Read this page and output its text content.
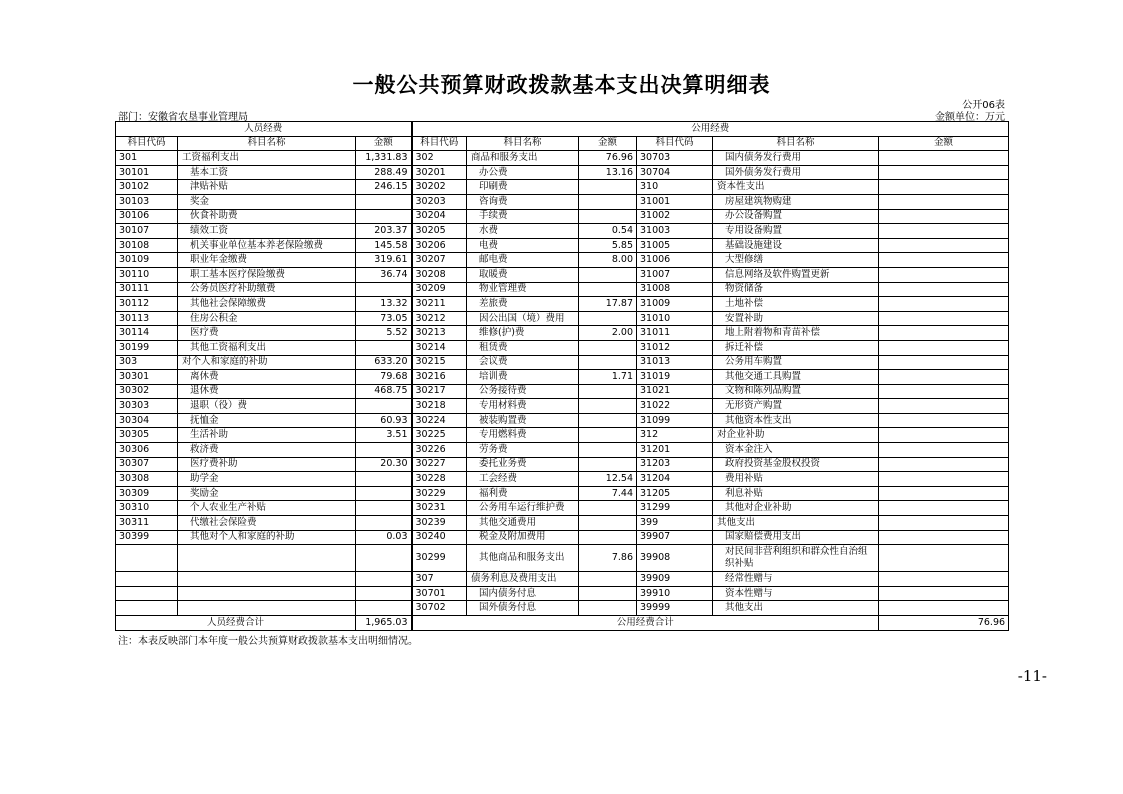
一般公共预算财政拨款基本支出决算明细表
公开06表
部门：安徽省农垦事业管理局	金额单位：万元
人员经费			公用经费					
科目代码	科目名称	金额	科目代码	科目名称	金额	科目代码	科目名称	金额
301	工资福利支出	1,331.83	302	商品和服务支出	76.96	30703	国内债务发行费用	
30101	基本工资	288.49	30201	办公费	13.16	30704	国外债务发行费用	
30102	津贴补贴	246.15	30202	印刷费		310	资本性支出	
30103	奖金		30203	咨询费		31001	房屋建筑物购建	
30106	伙食补助费		30204	手续费		31002	办公设备购置	
30107	绩效工资	203.37	30205	水费	0.54	31003	专用设备购置	
30108	机关事业单位基本养老保险缴费	145.58	30206	电费	5.85	31005	基础设施建设	
30109	职业年金缴费	319.61	30207	邮电费	8.00	31006	大型修缮	
30110	职工基本医疗保险缴费	36.74	30208	取暖费		31007	信息网络及软件购置更新	
30111	公务员医疗补助缴费		30209	物业管理费		31008	物资储备	
30112	其他社会保障缴费	13.32	30211	差旅费	17.87	31009	土地补偿	
30113	住房公积金	73.05	30212	因公出国（境）费用		31010	安置补助	
30114	医疗费	5.52	30213	维修(护)费	2.00	31011	地上附着物和青苗补偿	
30199	其他工资福利支出		30214	租赁费		31012	拆迁补偿	
303	对个人和家庭的补助	633.20	30215	会议费		31013	公务用车购置	
30301	离休费	79.68	30216	培训费	1.71	31019	其他交通工具购置	
30302	退休费	468.75	30217	公务接待费		31021	文物和陈列品购置	
30303	退职（役）费		30218	专用材料费		31022	无形资产购置	
30304	抚恤金	60.93	30224	被装购置费		31099	其他资本性支出	
30305	生活补助	3.51	30225	专用燃料费		312	对企业补助	
30306	救济费		30226	劳务费		31201	资本金注入	
30307	医疗费补助	20.30	30227	委托业务费		31203	政府投资基金股权投资	
30308	助学金		30228	工会经费	12.54	31204	费用补贴	
30309	奖励金		30229	福利费	7.44	31205	利息补贴	
30310	个人农业生产补贴		30231	公务用车运行维护费		31299	其他对企业补助	
30311	代缴社会保险费		30239	其他交通费用		399	其他支出	
30399	其他对个人和家庭的补助	0.03	30240	税金及附加费用		39907	国家赔偿费用支出	
			30299	其他商品和服务支出	7.86	39908	对民间非营利组织和群众性自治组织补贴	
			307	债务利息及费用支出		39909	经常性赠与	
			30701	国内债务付息		39910	资本性赠与	
			30702	国外债务付息		39999	其他支出	
人员经费合计		1,965.03	公用经费合计					76.96
注：本表反映部门本年度一般公共预算财政拨款基本支出明细情况。
-11-
